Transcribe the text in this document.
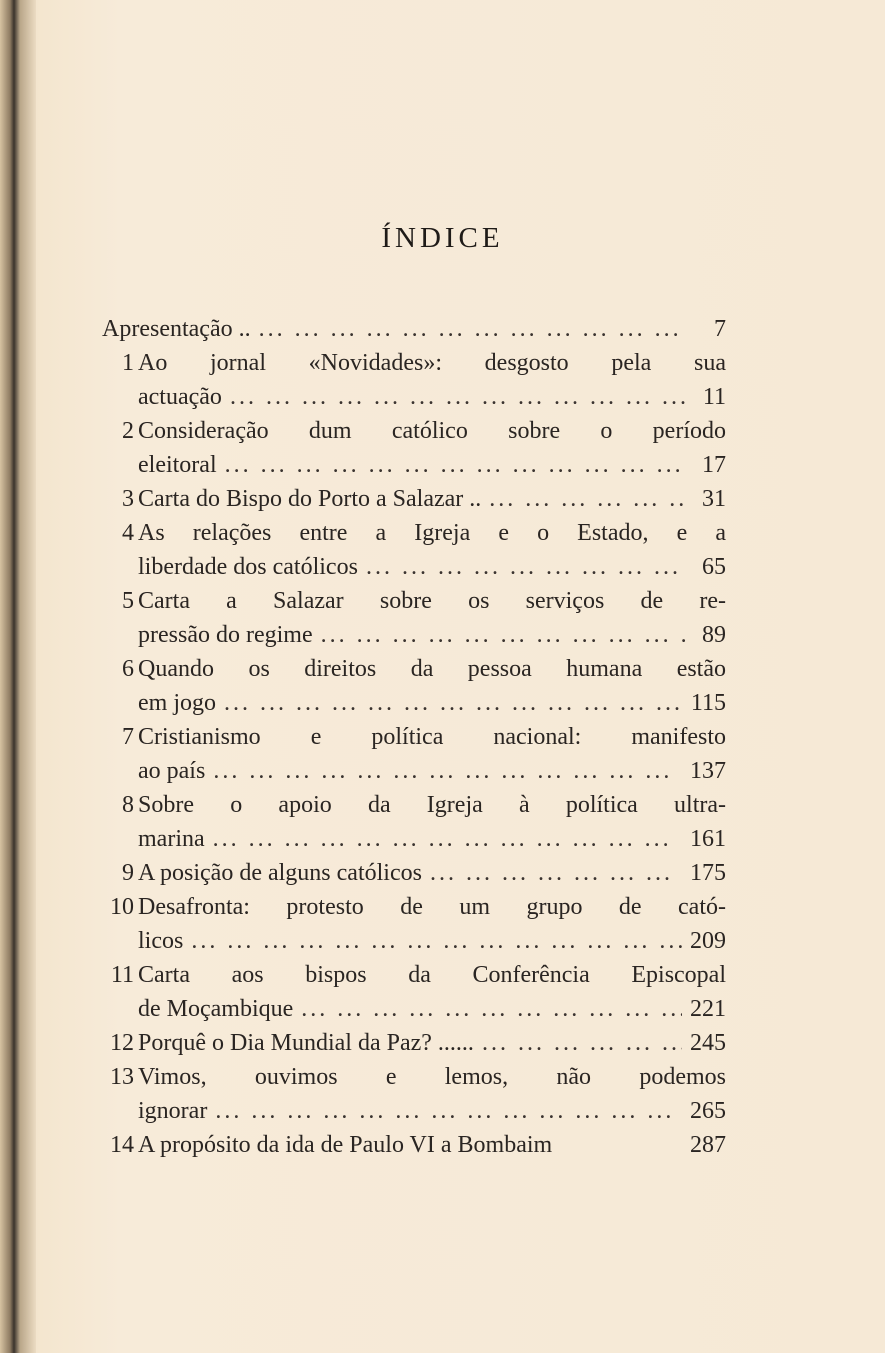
ÍNDICE
Apresentação .. ... .	7
1 Ao jornal «Novidades»: desgosto pela sua
actuação ... .	11
2 Consideração dum católico sobre o período
eleitoral ... .	17
3 Carta do Bispo do Porto a Salazar .. ... .	31
4 As relações entre a Igreja e o Estado, e a
liberdade dos católicos ... .	65
5 Carta a Salazar sobre os serviços de re-
pressão do regime ... .	89
6 Quando os direitos da pessoa humana estão
em jogo ... .	115
7 Cristianismo e política nacional: manifesto
ao país ... .	137
8 Sobre o apoio da Igreja à política ultra-
marina ... .	161
9 A posição de alguns católicos ... .	175
10 Desafronta: protesto de um grupo de cató-
licos ... .	209
11 Carta aos bispos da Conferência Episcopal
de Moçambique ... .	221
12 Porquê o Dia Mundial da Paz? ...... ... .	245
13 Vimos, ouvimos e lemos, não podemos
ignorar ... .	265
14 A propósito da ida de Paulo VI a Bombaim	287
